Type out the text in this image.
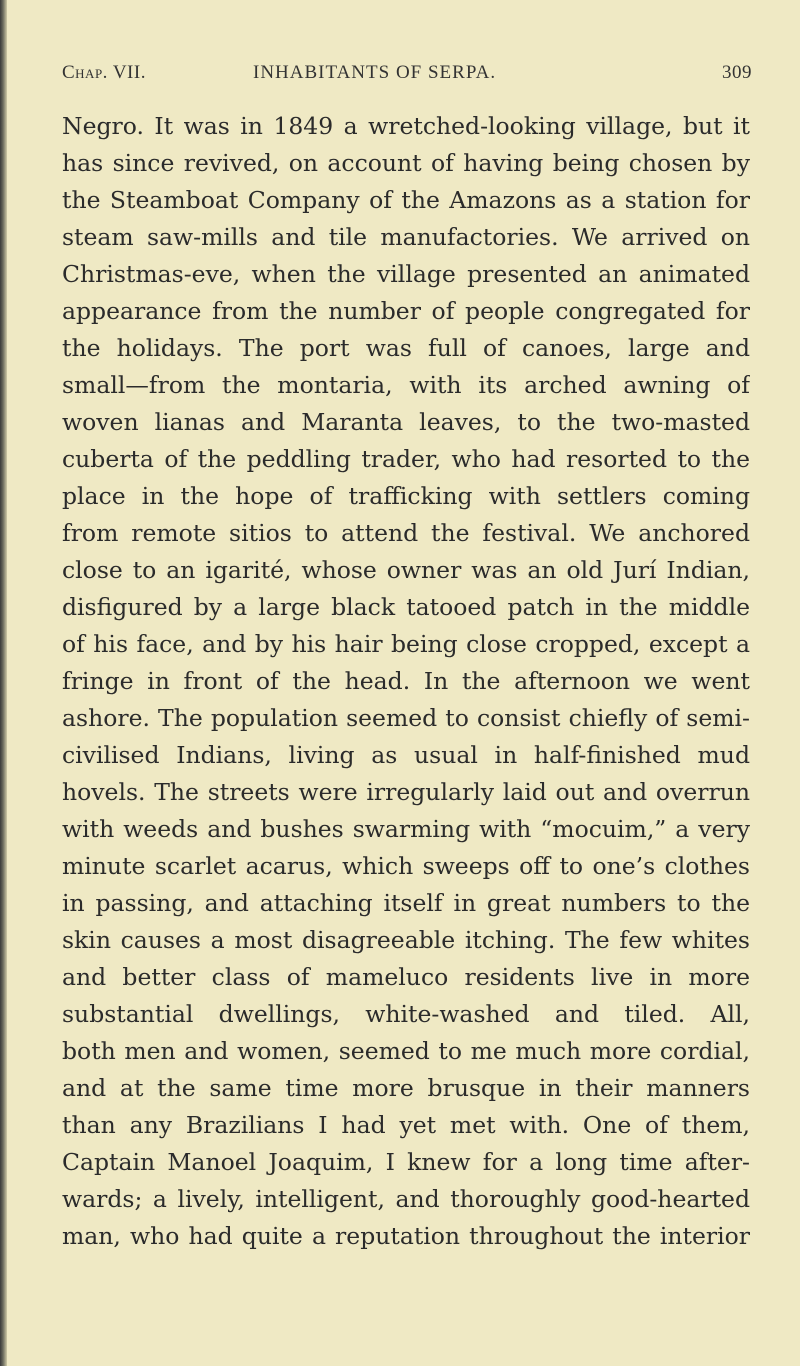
Chap. VII.	INHABITANTS OF SERPA.	309
Negro. It was in 1849 a wretched-looking village, but it
has since revived, on account of having being chosen by
the Steamboat Company of the Amazons as a station for
steam saw-mills and tile manufactories. We arrived on
Christmas-eve, when the village presented an animated
appearance from the number of people congregated for
the holidays. The port was full of canoes, large and
small—from the montaria, with its arched awning of
woven lianas and Maranta leaves, to the two-masted
cuberta of the peddling trader, who had resorted to the
place in the hope of trafficking with settlers coming
from remote sitios to attend the festival. We anchored
close to an igarité, whose owner was an old Jurí Indian,
disfigured by a large black tatooed patch in the middle
of his face, and by his hair being close cropped, except a
fringe in front of the head. In the afternoon we went
ashore. The population seemed to consist chiefly of semi-
civilised Indians, living as usual in half-finished mud
hovels. The streets were irregularly laid out and overrun
with weeds and bushes swarming with “mocuim,” a very
minute scarlet acarus, which sweeps off to one’s clothes
in passing, and attaching itself in great numbers to the
skin causes a most disagreeable itching. The few whites
and better class of mameluco residents live in more
substantial dwellings, white-washed and tiled. All,
both men and women, seemed to me much more cordial,
and at the same time more brusque in their manners
than any Brazilians I had yet met with. One of them,
Captain Manoel Joaquim, I knew for a long time after-
wards; a lively, intelligent, and thoroughly good-hearted
man, who had quite a reputation throughout the interior
